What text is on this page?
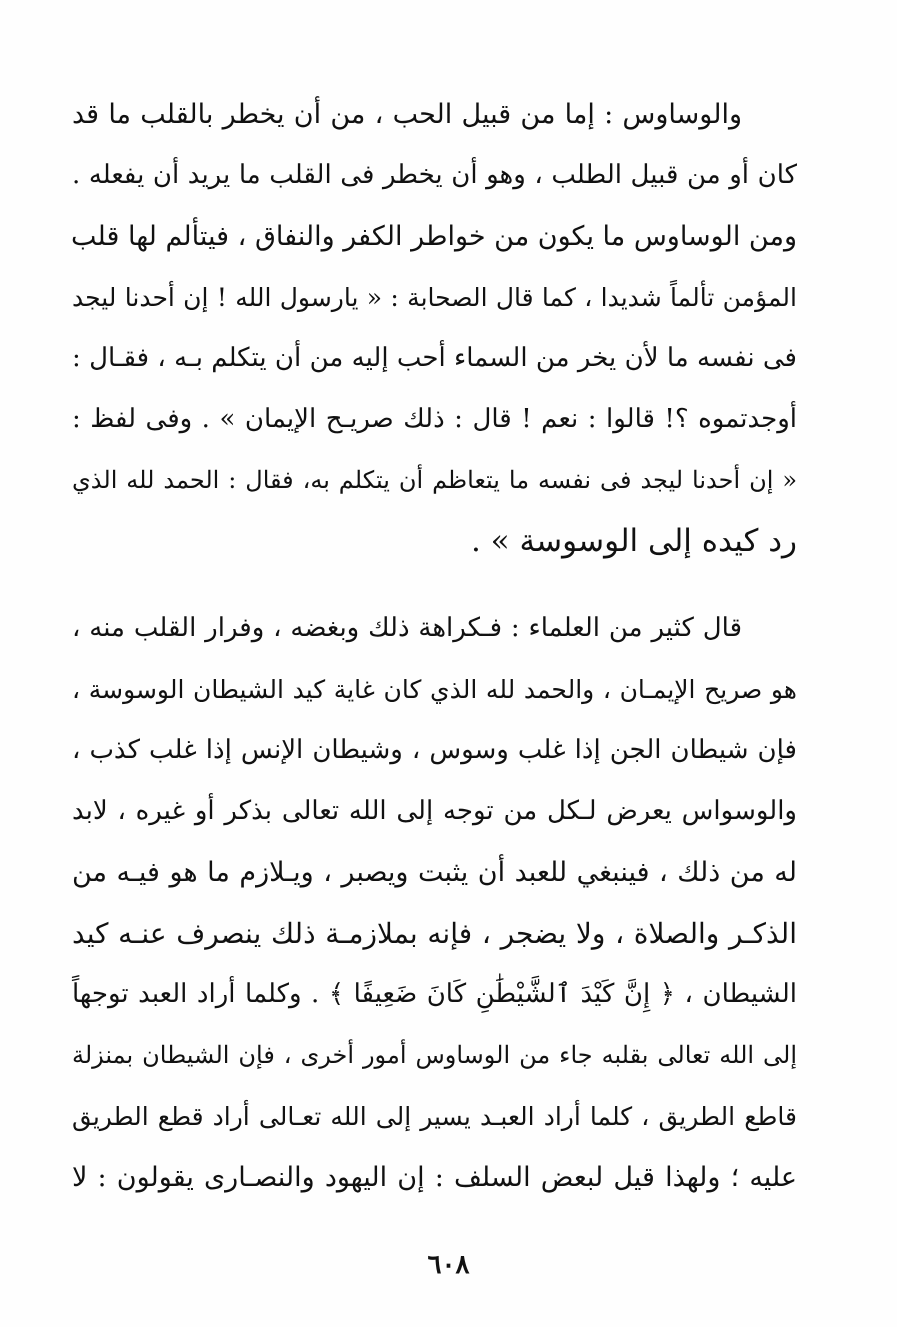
والوساوس : إما من قبيل الحب ، من أن يخطر بالقلب ما قد
كان أو من قبيل الطلب ، وهو أن يخطر فى القلب ما يريد أن يفعله .
ومن الوساوس ما يكون من خواطر الكفر والنفاق ، فيتألم لها قلب
المؤمن تألماً شديدا ، كما قال الصحابة : « يارسول الله ! إن أحدنا ليجد
فى نفسه ما لأن يخر من السماء أحب إليه من أن يتكلم بـه ، فقـال :
أوجدتموه ؟! قالوا : نعم ! قال : ذلك صريـح الإيمان » . وفى لفظ :
« إن أحدنا ليجد فى نفسه ما يتعاظم أن يتكلم به، فقال : الحمد لله الذي
رد كيده إلى الوسوسة » .
قال كثير من العلماء : فـكراهة ذلك وبغضه ، وفرار القلب منه ،
هو صريح الإيمـان ، والحمد لله الذي كان غاية كيد الشيطان الوسوسة ،
فإن شيطان الجن إذا غلب وسوس ، وشيطان الإنس إذا غلب كذب ،
والوسواس يعرض لـكل من توجه إلى الله تعالى بذكر أو غيره ، لابد
له من ذلك ، فينبغي للعبد أن يثبت ويصبر ، ويـلازم ما هو فيـه من
الذكـر والصلاة ، ولا يضجر ، فإنه بملازمـة ذلك ينصرف عنـه كيد
الشيطان ، ﴿ إِنَّ كَيْدَ ٱلشَّيْطَٰنِ كَانَ ضَعِيفًا ﴾ . وكلما أراد العبد توجهاً
إلى الله تعالى بقلبه جاء من الوساوس أمور أخرى ، فإن الشيطان بمنزلة
قاطع الطريق ، كلما أراد العبـد يسير إلى الله تعـالى أراد قطع الطريق
عليه ؛ ولهذا قيل لبعض السلف : إن اليهود والنصـارى يقولون : لا
٦٠٨
